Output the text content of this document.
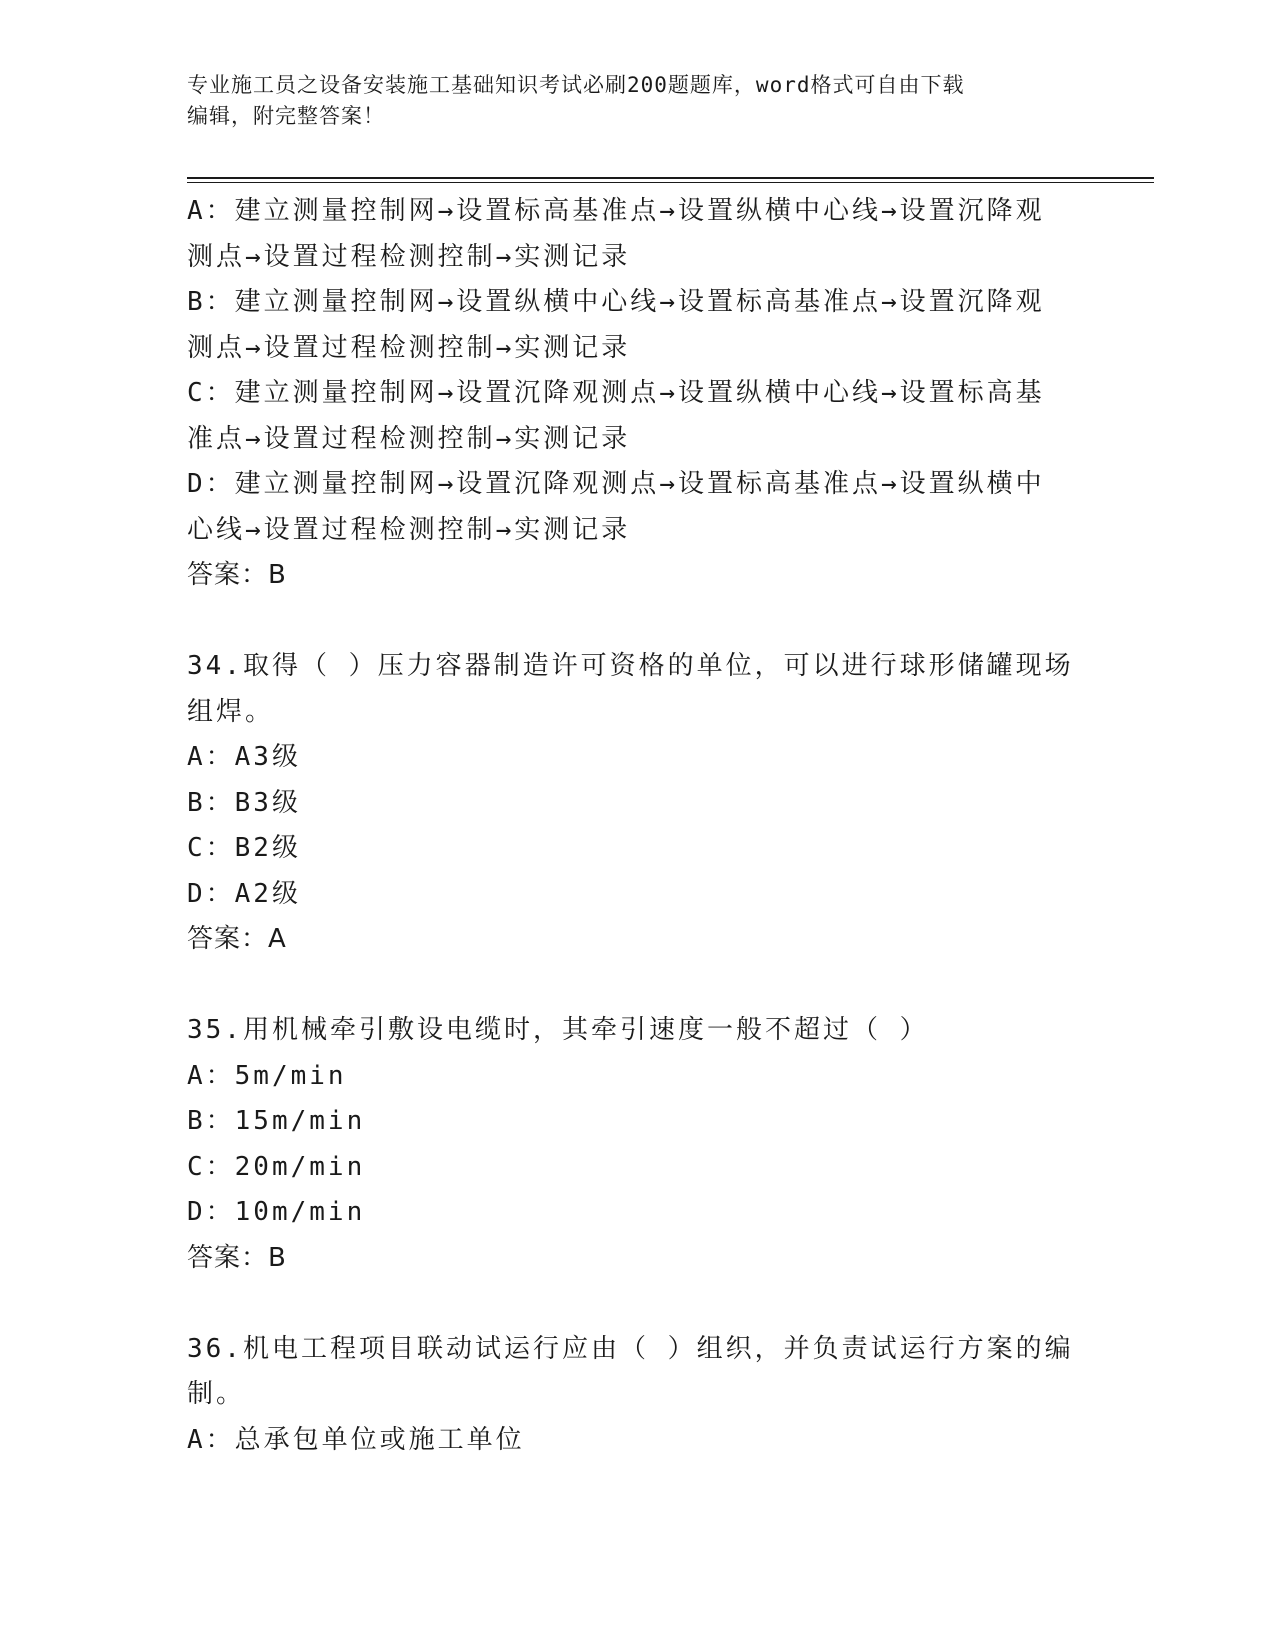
专业施工员之设备安装施工基础知识考试必刷200题题库，word格式可自由下载
编辑，附完整答案！
A：建立测量控制网→设置标高基准点→设置纵横中心线→设置沉降观
测点→设置过程检测控制→实测记录
B：建立测量控制网→设置纵横中心线→设置标高基准点→设置沉降观
测点→设置过程检测控制→实测记录
C：建立测量控制网→设置沉降观测点→设置纵横中心线→设置标高基
准点→设置过程检测控制→实测记录
D：建立测量控制网→设置沉降观测点→设置标高基准点→设置纵横中
心线→设置过程检测控制→实测记录
答案：B
34.取得（ ）压力容器制造许可资格的单位，可以进行球形储罐现场
组焊。
A：A3级
B：B3级
C：B2级
D：A2级
答案：A
35.用机械牵引敷设电缆时，其牵引速度一般不超过（ ）
A：5m/min
B：15m/min
C：20m/min
D：10m/min
答案：B
36.机电工程项目联动试运行应由（ ）组织，并负责试运行方案的编
制。
A：总承包单位或施工单位
